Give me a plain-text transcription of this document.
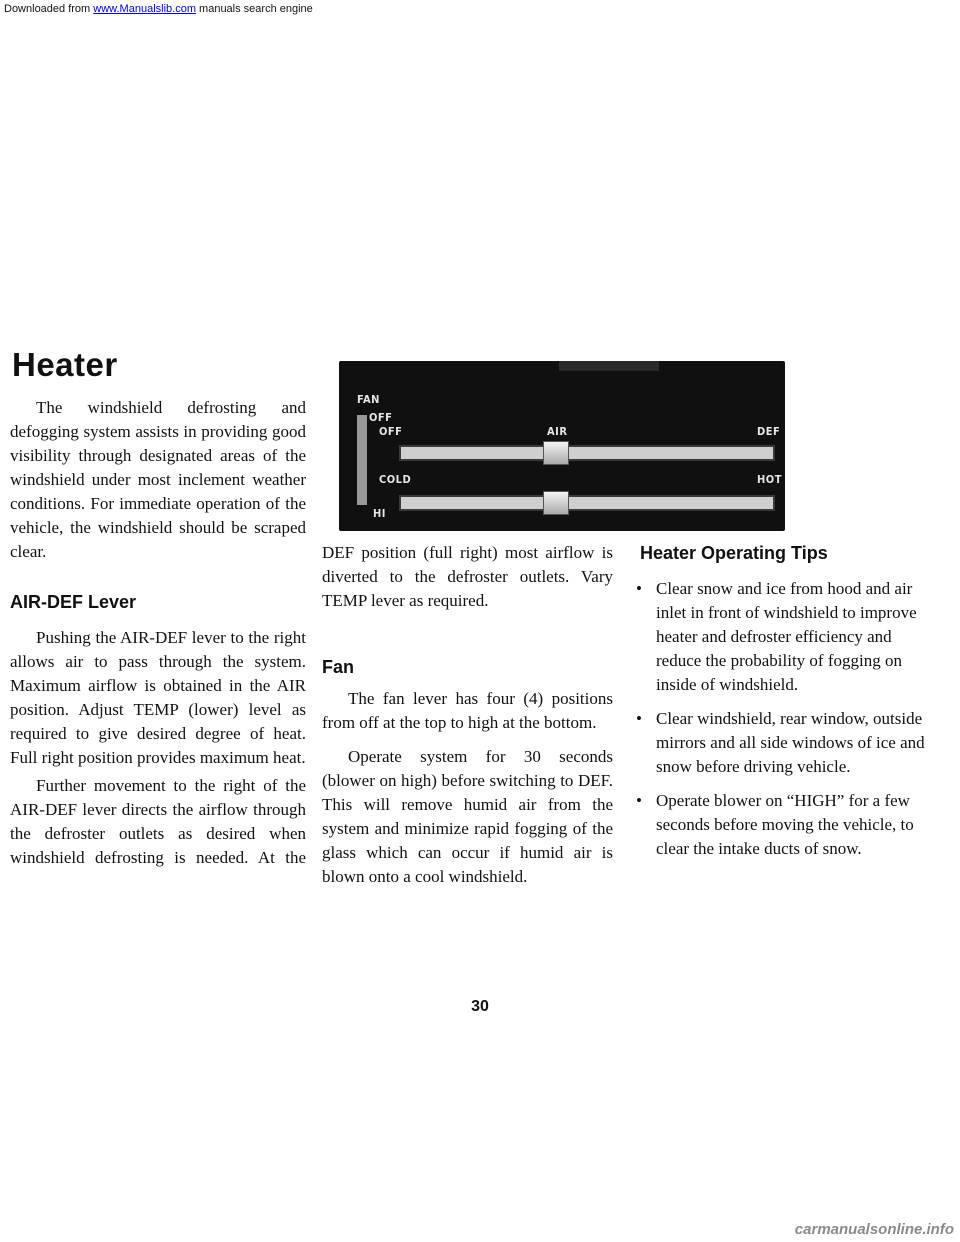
Downloaded from www.Manualslib.com manuals search engine
Heater

The windshield defrosting and defogging system assists in providing good visibility through designated areas of the windshield under most inclement weather conditions. For immediate operation of the vehicle, the windshield should be scraped clear.

AIR-DEF Lever

Pushing the AIR-DEF lever to the right allows air to pass through the system. Maximum airflow is obtained in the AIR position. Adjust TEMP (lower) level as required to give desired degree of heat. Full right position provides maximum heat.

Further movement to the right of the AIR-DEF lever directs the airflow through the defroster outlets as desired when windshield defrosting is needed. At the

FAN
OFF
OFF	AIR	DEF
COLD	HOT
HI

DEF position (full right) most airflow is diverted to the defroster outlets. Vary TEMP lever as required.

Fan

The fan lever has four (4) positions from off at the top to high at the bottom.

Operate system for 30 seconds (blower on high) before switching to DEF. This will remove humid air from the system and minimize rapid fogging of the glass which can occur if humid air is blown onto a cool windshield.

Heater Operating Tips
• Clear snow and ice from hood and air inlet in front of windshield to improve heater and defroster efficiency and reduce the probability of fogging on inside of windshield.
• Clear windshield, rear window, outside mirrors and all side windows of ice and snow before driving vehicle.
• Operate blower on “HIGH” for a few seconds before moving the vehicle, to clear the intake ducts of snow.
30
carmanualsonline.info
